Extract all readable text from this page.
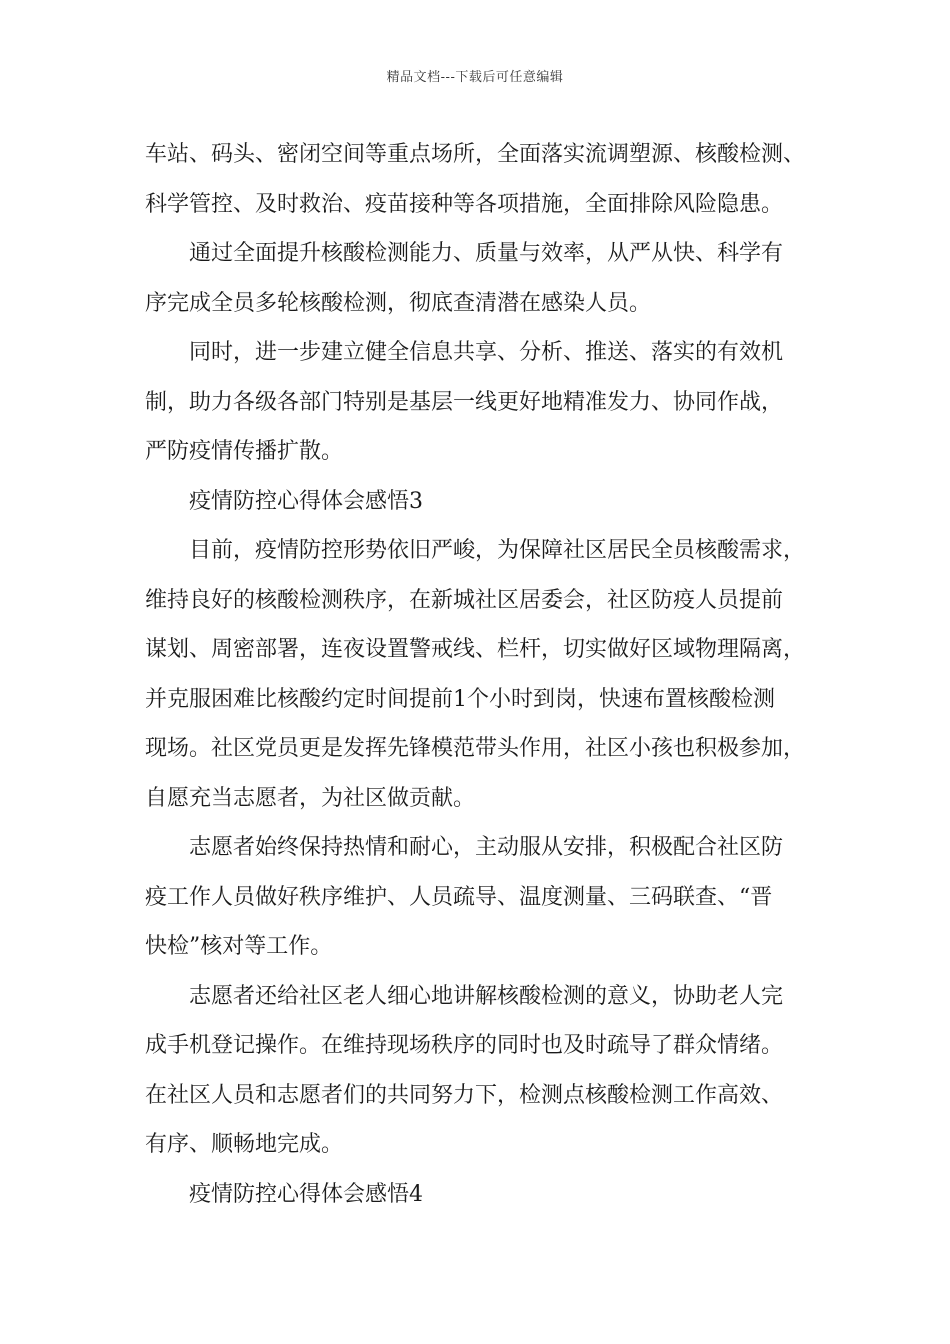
精品文档---下载后可任意编辑
车站、码头、密闭空间等重点场所，全面落实流调塑源、核酸检测、
科学管控、及时救治、疫苗接种等各项措施，全面排除风险隐患。
通过全面提升核酸检测能力、质量与效率，从严从快、科学有
序完成全员多轮核酸检测，彻底查清潜在感染人员。
同时，进一步建立健全信息共享、分析、推送、落实的有效机
制，助力各级各部门特别是基层一线更好地精准发力、协同作战，
严防疫情传播扩散。
疫情防控心得体会感悟3
目前，疫情防控形势依旧严峻，为保障社区居民全员核酸需求，
维持良好的核酸检测秩序，在新城社区居委会，社区防疫人员提前
谋划、周密部署，连夜设置警戒线、栏杆，切实做好区域物理隔离，
并克服困难比核酸约定时间提前1个小时到岗，快速布置核酸检测
现场。社区党员更是发挥先锋模范带头作用，社区小孩也积极参加，
自愿充当志愿者，为社区做贡献。
志愿者始终保持热情和耐心，主动服从安排，积极配合社区防
疫工作人员做好秩序维护、人员疏导、温度测量、三码联查、“晋
快检”核对等工作。
志愿者还给社区老人细心地讲解核酸检测的意义，协助老人完
成手机登记操作。在维持现场秩序的同时也及时疏导了群众情绪。
在社区人员和志愿者们的共同努力下，检测点核酸检测工作高效、
有序、顺畅地完成。
疫情防控心得体会感悟4
